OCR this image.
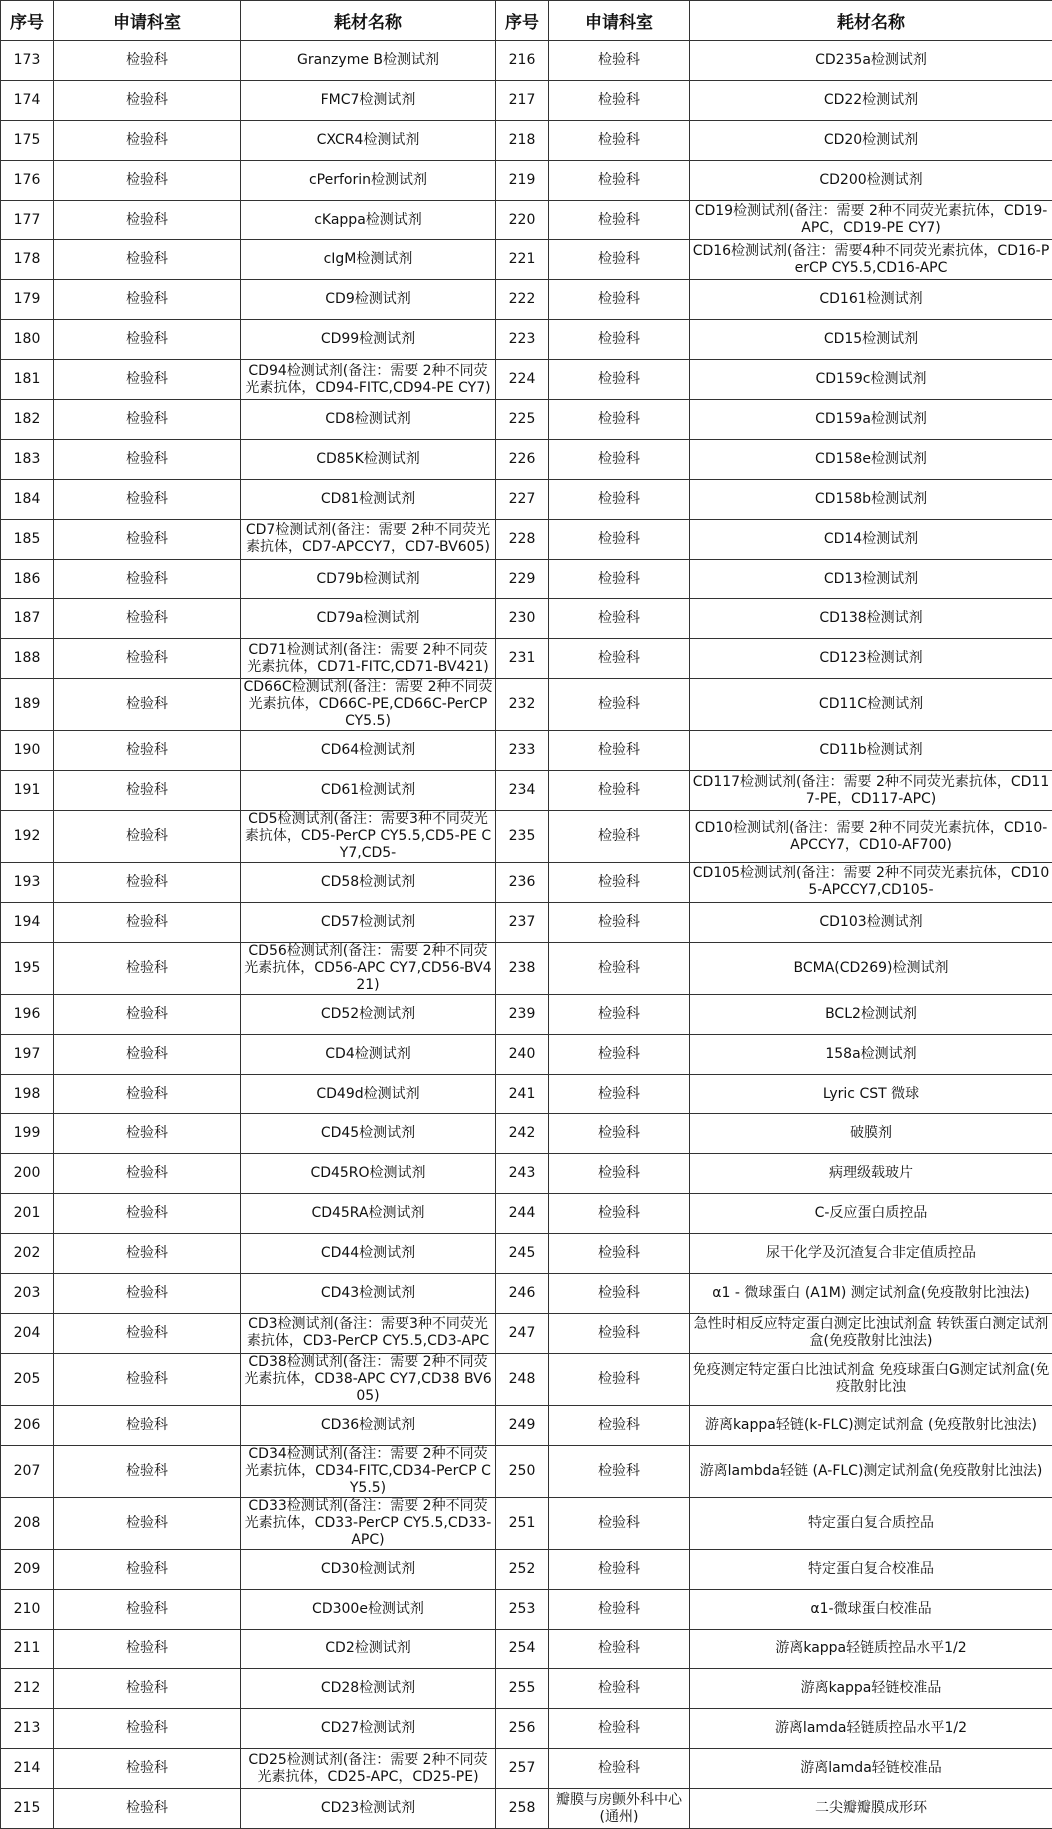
序号	申请科室	耗材名称	序号	申请科室	耗材名称
173	检验科	Granzyme B检测试剂	216	检验科	CD235a检测试剂
174	检验科	FMC7检测试剂	217	检验科	CD22检测试剂
175	检验科	CXCR4检测试剂	218	检验科	CD20检测试剂
176	检验科	cPerforin检测试剂	219	检验科	CD200检测试剂
177	检验科	cKappa检测试剂	220	检验科	CD19检测试剂(备注：需要 2种不同荧光素抗体，CD19-APC，CD19-PE CY7)
178	检验科	cIgM检测试剂	221	检验科	CD16检测试剂(备注：需要4种不同荧光素抗体，CD16-PerCP CY5.5,CD16-APC
179	检验科	CD9检测试剂	222	检验科	CD161检测试剂
180	检验科	CD99检测试剂	223	检验科	CD15检测试剂
181	检验科	CD94检测试剂(备注：需要 2种不同荧光素抗体，CD94-FITC,CD94-PE CY7)	224	检验科	CD159c检测试剂
182	检验科	CD8检测试剂	225	检验科	CD159a检测试剂
183	检验科	CD85K检测试剂	226	检验科	CD158e检测试剂
184	检验科	CD81检测试剂	227	检验科	CD158b检测试剂
185	检验科	CD7检测试剂(备注：需要 2种不同荧光素抗体，CD7-APCCY7，CD7-BV605)	228	检验科	CD14检测试剂
186	检验科	CD79b检测试剂	229	检验科	CD13检测试剂
187	检验科	CD79a检测试剂	230	检验科	CD138检测试剂
188	检验科	CD71检测试剂(备注：需要 2种不同荧光素抗体，CD71-FITC,CD71-BV421)	231	检验科	CD123检测试剂
189	检验科	CD66C检测试剂(备注：需要 2种不同荧光素抗体，CD66C-PE,CD66C-PerCP CY5.5)	232	检验科	CD11C检测试剂
190	检验科	CD64检测试剂	233	检验科	CD11b检测试剂
191	检验科	CD61检测试剂	234	检验科	CD117检测试剂(备注：需要 2种不同荧光素抗体，CD117-PE，CD117-APC)
192	检验科	CD5检测试剂(备注：需要3种不同荧光素抗体，CD5-PerCP CY5.5,CD5-PE CY7,CD5-	235	检验科	CD10检测试剂(备注：需要 2种不同荧光素抗体，CD10-APCCY7，CD10-AF700)
193	检验科	CD58检测试剂	236	检验科	CD105检测试剂(备注：需要 2种不同荧光素抗体，CD105-APCCY7,CD105-
194	检验科	CD57检测试剂	237	检验科	CD103检测试剂
195	检验科	CD56检测试剂(备注：需要 2种不同荧光素抗体，CD56-APC CY7,CD56-BV421)	238	检验科	BCMA(CD269)检测试剂
196	检验科	CD52检测试剂	239	检验科	BCL2检测试剂
197	检验科	CD4检测试剂	240	检验科	158a检测试剂
198	检验科	CD49d检测试剂	241	检验科	Lyric CST 微球
199	检验科	CD45检测试剂	242	检验科	破膜剂
200	检验科	CD45RO检测试剂	243	检验科	病理级载玻片
201	检验科	CD45RA检测试剂	244	检验科	C-反应蛋白质控品
202	检验科	CD44检测试剂	245	检验科	尿干化学及沉渣复合非定值质控品
203	检验科	CD43检测试剂	246	检验科	α1 - 微球蛋白 (A1M) 测定试剂盒(免疫散射比浊法)
204	检验科	CD3检测试剂(备注：需要3种不同荧光素抗体，CD3-PerCP CY5.5,CD3-APC	247	检验科	急性时相反应特定蛋白测定比浊试剂盒 转铁蛋白测定试剂盒(免疫散射比浊法)
205	检验科	CD38检测试剂(备注：需要 2种不同荧光素抗体，CD38-APC CY7,CD38 BV605)	248	检验科	免疫测定特定蛋白比浊试剂盒 免疫球蛋白G测定试剂盒(免疫散射比浊
206	检验科	CD36检测试剂	249	检验科	游离kappa轻链(k-FLC)测定试剂盒 (免疫散射比浊法)
207	检验科	CD34检测试剂(备注：需要 2种不同荧光素抗体，CD34-FITC,CD34-PerCP CY5.5)	250	检验科	游离lambda轻链 (A-FLC)测定试剂盒(免疫散射比浊法)
208	检验科	CD33检测试剂(备注：需要 2种不同荧光素抗体，CD33-PerCP CY5.5,CD33-APC)	251	检验科	特定蛋白复合质控品
209	检验科	CD30检测试剂	252	检验科	特定蛋白复合校准品
210	检验科	CD300e检测试剂	253	检验科	α1-微球蛋白校准品
211	检验科	CD2检测试剂	254	检验科	游离kappa轻链质控品水平1/2
212	检验科	CD28检测试剂	255	检验科	游离kappa轻链校准品
213	检验科	CD27检测试剂	256	检验科	游离lamda轻链质控品水平1/2
214	检验科	CD25检测试剂(备注：需要 2种不同荧光素抗体，CD25-APC，CD25-PE)	257	检验科	游离lamda轻链校准品
215	检验科	CD23检测试剂	258	瓣膜与房颤外科中心(通州)	二尖瓣瓣膜成形环
